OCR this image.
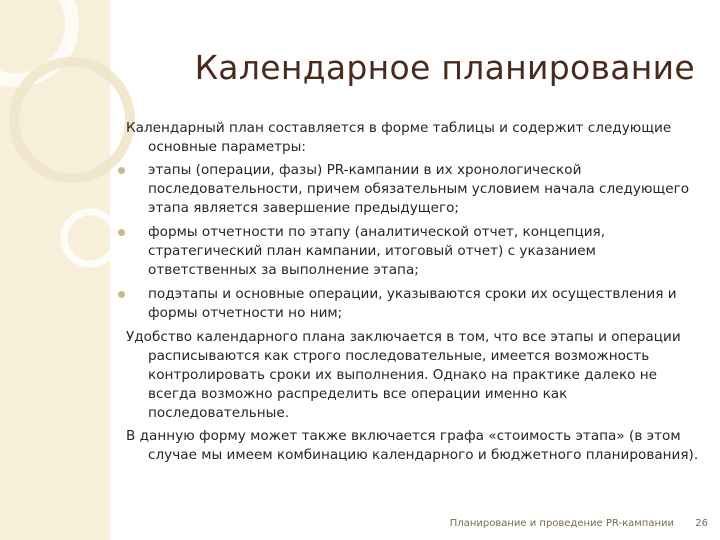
Календарное планирование

Календарный план составляется в форме таблицы и содержит следующие основные параметры:

этапы (операции, фазы) PR-кампании в их хронологической последовательности, причем обязательным условием начала следующего этапа является завершение предыдущего;
формы отчетности по этапу (аналитической отчет, концепция, стратегический план кампании, итоговый отчет) с указанием ответственных за выполнение этапа;
подэтапы и основные операции, указываются сроки их осуществления и формы отчетности но ним;

Удобство календарного плана заключается в том, что все этапы и операции расписываются как строго последовательные, имеется возможность контролировать сроки их выполнения. Однако на практике далеко не всегда возможно распределить все операции именно как последовательные.

В данную форму может также включается графа «стоимость этапа» (в этом случае мы имеем комбинацию календарного и бюджетного планирования).

Планирование и проведение PR-кампании 26
